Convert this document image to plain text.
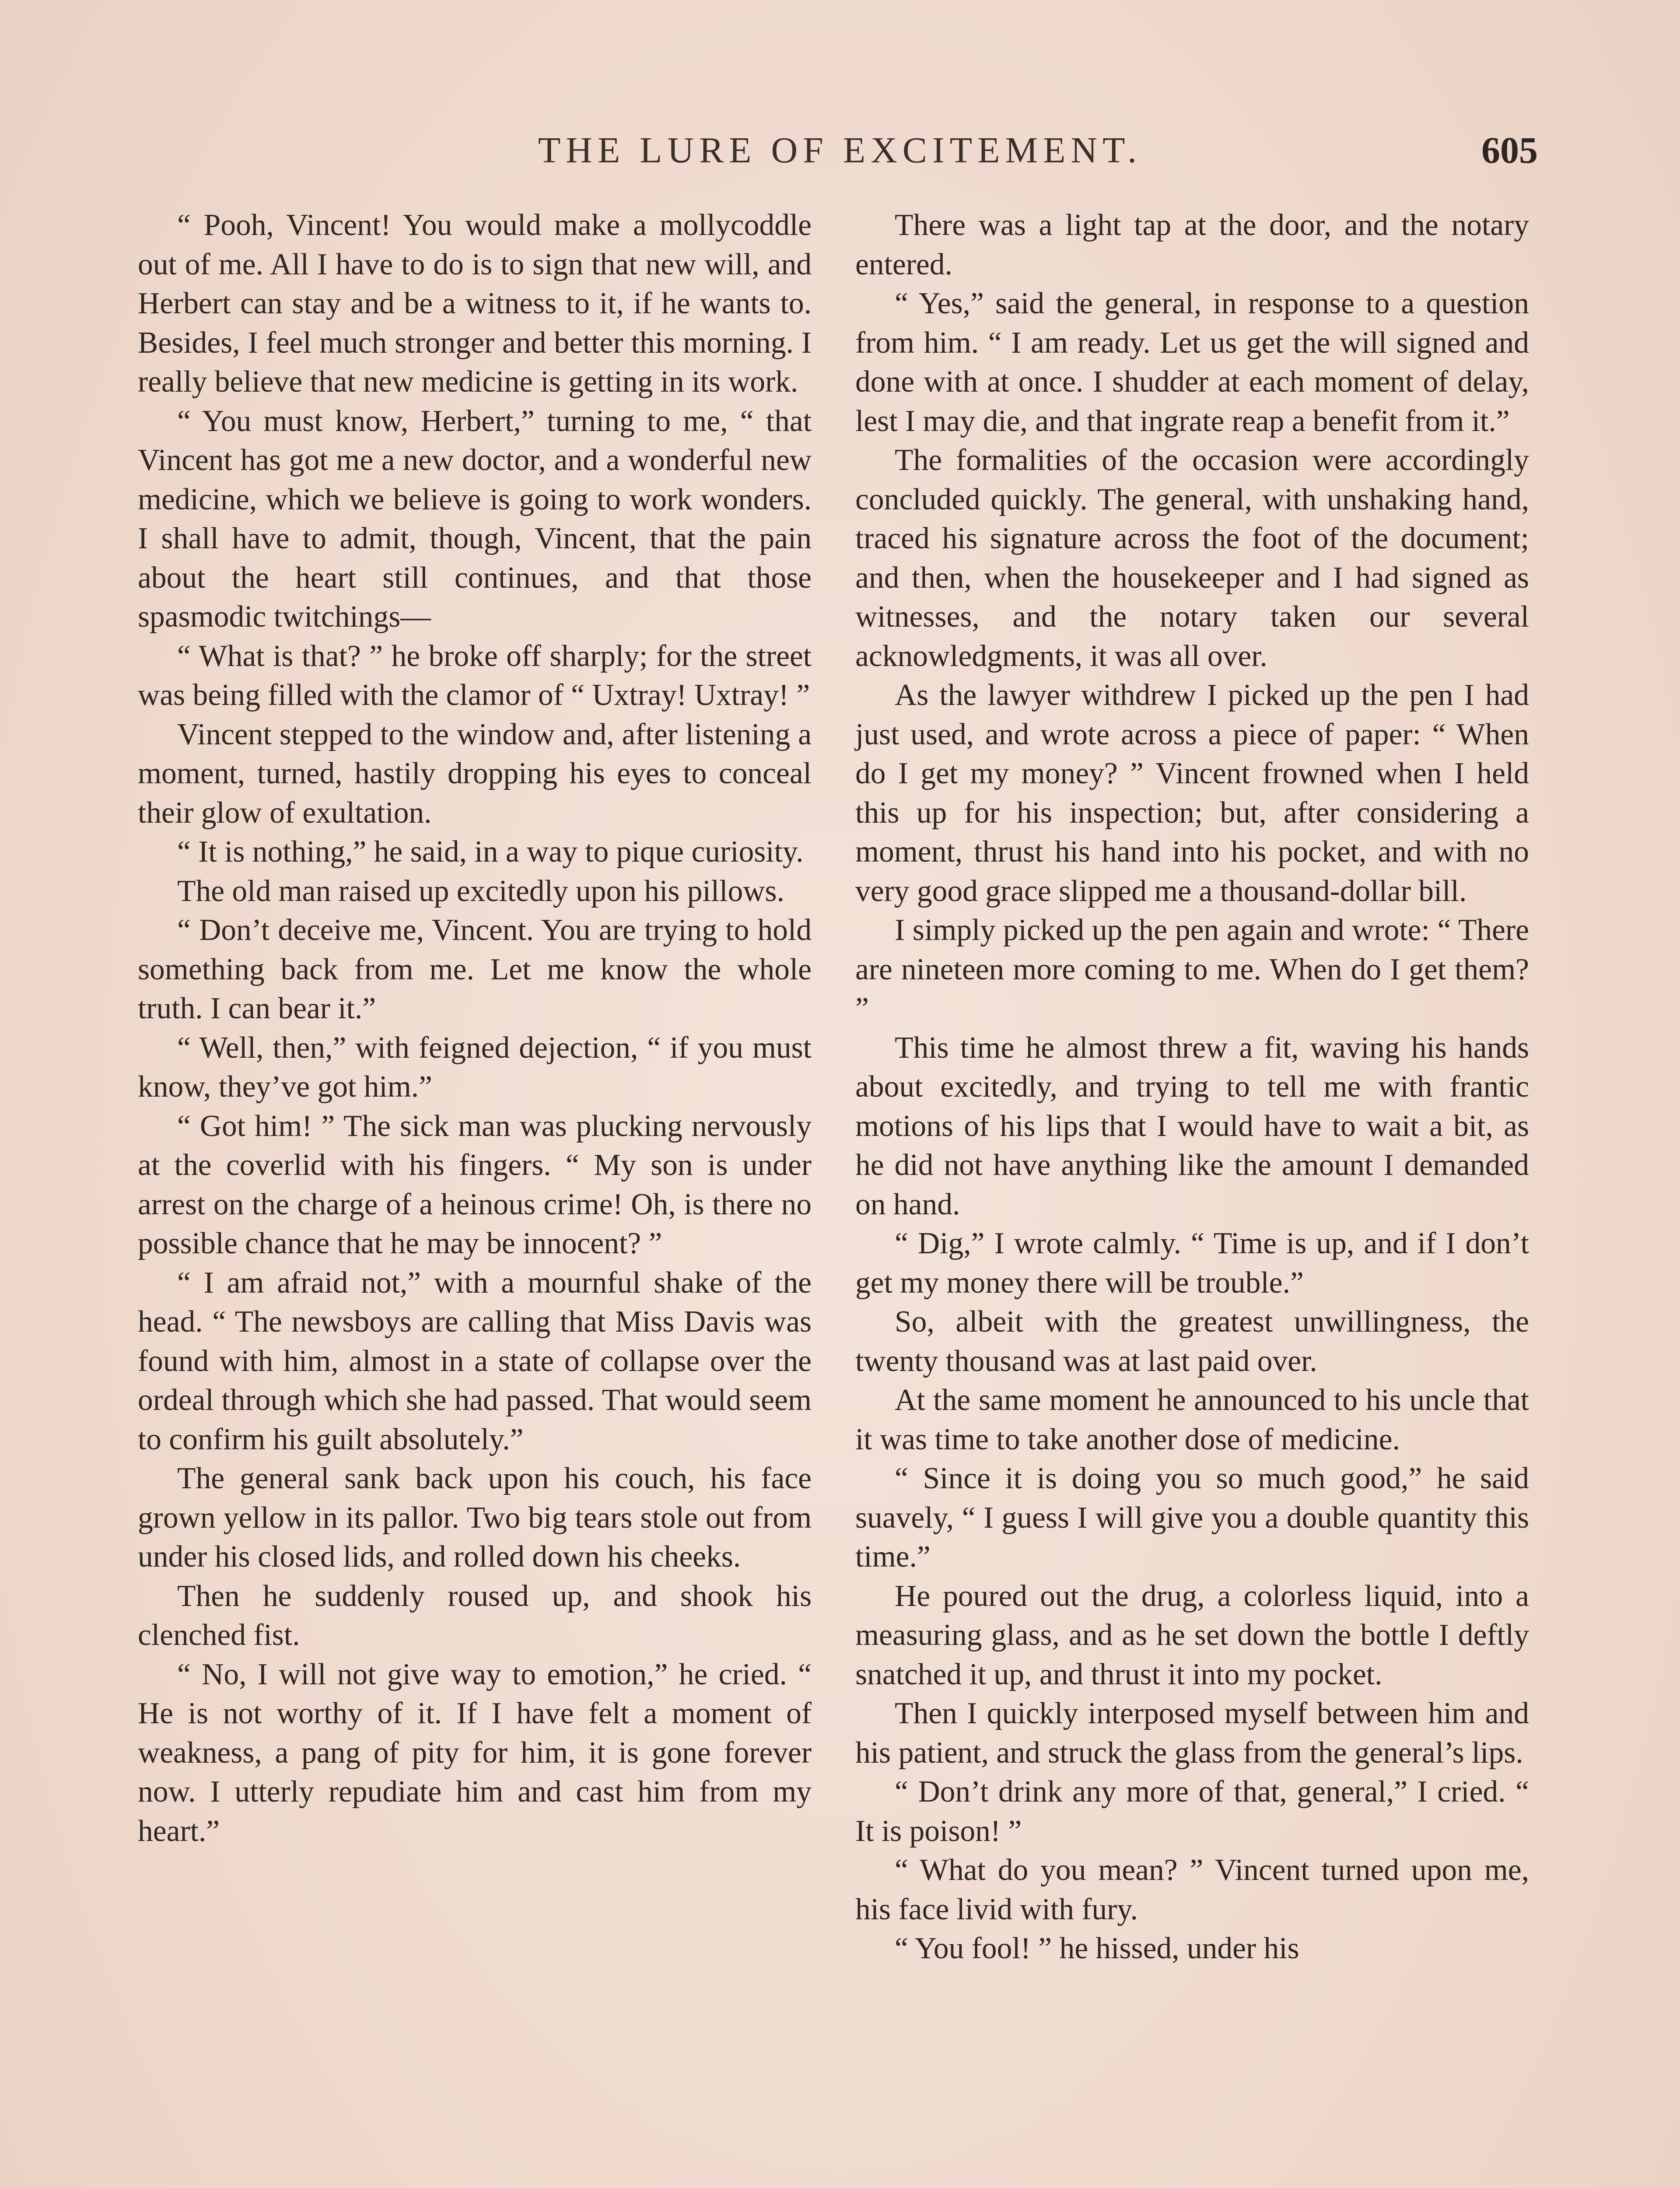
THE LURE OF EXCITEMENT.	605

“ Pooh, Vincent! You would make a mollycoddle out of me. All I have to do is to sign that new will, and Herbert can stay and be a witness to it, if he wants to. Besides, I feel much stronger and better this morning. I really believe that new medicine is getting in its work.

“ You must know, Herbert,” turning to me, “ that Vincent has got me a new doctor, and a wonderful new medicine, which we believe is going to work wonders. I shall have to admit, though, Vincent, that the pain about the heart still continues, and that those spasmodic twitchings—

“ What is that? ” he broke off sharply; for the street was being filled with the clamor of “ Uxtray! Uxtray! ”

Vincent stepped to the window and, after listening a moment, turned, hastily dropping his eyes to conceal their glow of exultation.

“ It is nothing,” he said, in a way to pique curiosity.

The old man raised up excitedly upon his pillows.

“ Don’t deceive me, Vincent. You are trying to hold something back from me. Let me know the whole truth. I can bear it.”

“ Well, then,” with feigned dejection, “ if you must know, they’ve got him.”

“ Got him! ” The sick man was plucking nervously at the coverlid with his fingers. “ My son is under arrest on the charge of a heinous crime! Oh, is there no possible chance that he may be innocent? ”

“ I am afraid not,” with a mournful shake of the head. “ The newsboys are calling that Miss Davis was found with him, almost in a state of collapse over the ordeal through which she had passed. That would seem to confirm his guilt absolutely.”

The general sank back upon his couch, his face grown yellow in its pallor. Two big tears stole out from under his closed lids, and rolled down his cheeks.

Then he suddenly roused up, and shook his clenched fist.

“ No, I will not give way to emotion,” he cried. “ He is not worthy of it. If I have felt a moment of weakness, a pang of pity for him, it is gone forever now. I utterly repudiate him and cast him from my heart.”

There was a light tap at the door, and the notary entered.

“ Yes,” said the general, in response to a question from him. “ I am ready. Let us get the will signed and done with at once. I shudder at each moment of delay, lest I may die, and that ingrate reap a benefit from it.”

The formalities of the occasion were accordingly concluded quickly. The general, with unshaking hand, traced his signature across the foot of the document; and then, when the housekeeper and I had signed as witnesses, and the notary taken our several acknowledgments, it was all over.

As the lawyer withdrew I picked up the pen I had just used, and wrote across a piece of paper: “ When do I get my money? ” Vincent frowned when I held this up for his inspection; but, after considering a moment, thrust his hand into his pocket, and with no very good grace slipped me a thousand-dollar bill.

I simply picked up the pen again and wrote: “ There are nineteen more coming to me. When do I get them? ”

This time he almost threw a fit, waving his hands about excitedly, and trying to tell me with frantic motions of his lips that I would have to wait a bit, as he did not have anything like the amount I demanded on hand.

“ Dig,” I wrote calmly. “ Time is up, and if I don’t get my money there will be trouble.”

So, albeit with the greatest unwillingness, the twenty thousand was at last paid over.

At the same moment he announced to his uncle that it was time to take another dose of medicine.

“ Since it is doing you so much good,” he said suavely, “ I guess I will give you a double quantity this time.”

He poured out the drug, a colorless liquid, into a measuring glass, and as he set down the bottle I deftly snatched it up, and thrust it into my pocket.

Then I quickly interposed myself between him and his patient, and struck the glass from the general’s lips.

“ Don’t drink any more of that, general,” I cried. “ It is poison! ”

“ What do you mean? ” Vincent turned upon me, his face livid with fury.

“ You fool! ” he hissed, under his
